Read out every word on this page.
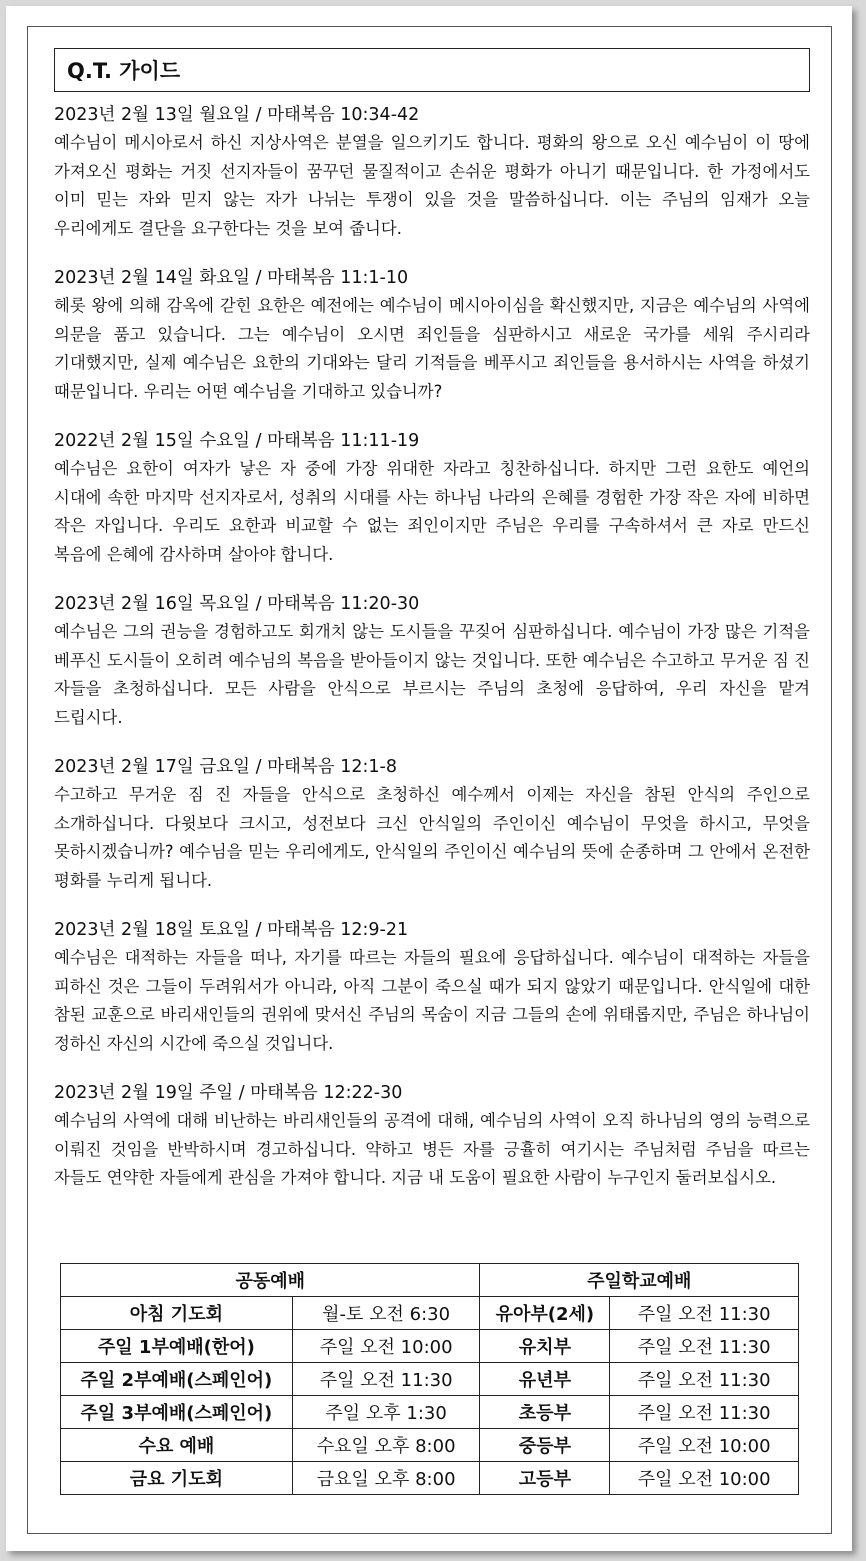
Q.T. 가이드
2023년 2월 13일 월요일 / 마태복음 10:34-42
예수님이 메시아로서 하신 지상사역은 분열을 일으키기도 합니다. 평화의 왕으로 오신 예수님이 이 땅에 가져오신 평화는 거짓 선지자들이 꿈꾸던 물질적이고 손쉬운 평화가 아니기 때문입니다. 한 가정에서도 이미 믿는 자와 믿지 않는 자가 나뉘는 투쟁이 있을 것을 말씀하십니다. 이는 주님의 임재가 오늘 우리에게도 결단을 요구한다는 것을 보여 줍니다.
2023년 2월 14일 화요일 / 마태복음 11:1-10
헤롯 왕에 의해 감옥에 갇힌 요한은 예전에는 예수님이 메시아이심을 확신했지만, 지금은 예수님의 사역에 의문을 품고 있습니다. 그는 예수님이 오시면 죄인들을 심판하시고 새로운 국가를 세워 주시리라 기대했지만, 실제 예수님은 요한의 기대와는 달리 기적들을 베푸시고 죄인들을 용서하시는 사역을 하셨기 때문입니다. 우리는 어떤 예수님을 기대하고 있습니까?
2022년 2월 15일 수요일 / 마태복음 11:11-19
예수님은 요한이 여자가 낳은 자 중에 가장 위대한 자라고 칭찬하십니다. 하지만 그런 요한도 예언의 시대에 속한 마지막 선지자로서, 성취의 시대를 사는 하나님 나라의 은혜를 경험한 가장 작은 자에 비하면 작은 자입니다. 우리도 요한과 비교할 수 없는 죄인이지만 주님은 우리를 구속하셔서 큰 자로 만드신 복음에 은혜에 감사하며 살아야 합니다.
2023년 2월 16일 목요일 / 마태복음 11:20-30
예수님은 그의 권능을 경험하고도 회개치 않는 도시들을 꾸짖어 심판하십니다. 예수님이 가장 많은 기적을 베푸신 도시들이 오히려 예수님의 복음을 받아들이지 않는 것입니다. 또한 예수님은 수고하고 무거운 짐 진 자들을 초청하십니다. 모든 사람을 안식으로 부르시는 주님의 초청에 응답하여, 우리 자신을 맡겨 드립시다.
2023년 2월 17일 금요일 / 마태복음 12:1-8
수고하고 무거운 짐 진 자들을 안식으로 초청하신 예수께서 이제는 자신을 참된 안식의 주인으로 소개하십니다. 다윗보다 크시고, 성전보다 크신 안식일의 주인이신 예수님이 무엇을 하시고, 무엇을 못하시겠습니까? 예수님을 믿는 우리에게도, 안식일의 주인이신 예수님의 뜻에 순종하며 그 안에서 온전한 평화를 누리게 됩니다.
2023년 2월 18일 토요일 / 마태복음 12:9-21
예수님은 대적하는 자들을 떠나, 자기를 따르는 자들의 필요에 응답하십니다. 예수님이 대적하는 자들을 피하신 것은 그들이 두려워서가 아니라, 아직 그분이 죽으실 때가 되지 않았기 때문입니다. 안식일에 대한 참된 교훈으로 바리새인들의 권위에 맞서신 주님의 목숨이 지금 그들의 손에 위태롭지만, 주님은 하나님이 정하신 자신의 시간에 죽으실 것입니다.
2023년 2월 19일 주일 / 마태복음 12:22-30
예수님의 사역에 대해 비난하는 바리새인들의 공격에 대해, 예수님의 사역이 오직 하나님의 영의 능력으로 이뤄진 것임을 반박하시며 경고하십니다. 약하고 병든 자를 긍휼히 여기시는 주님처럼 주님을 따르는 자들도 연약한 자들에게 관심을 가져야 합니다. 지금 내 도움이 필요한 사람이 누구인지 둘러보십시오.
공동예배		주일학교예배	
아침 기도회	월-토 오전 6:30	유아부(2세)	주일 오전 11:30
주일 1부예배(한어)	주일 오전 10:00	유치부	주일 오전 11:30
주일 2부예배(스페인어)	주일 오전 11:30	유년부	주일 오전 11:30
주일 3부예배(스페인어)	주일 오후 1:30	초등부	주일 오전 11:30
수요 예배	수요일 오후 8:00	중등부	주일 오전 10:00
금요 기도회	금요일 오후 8:00	고등부	주일 오전 10:00
